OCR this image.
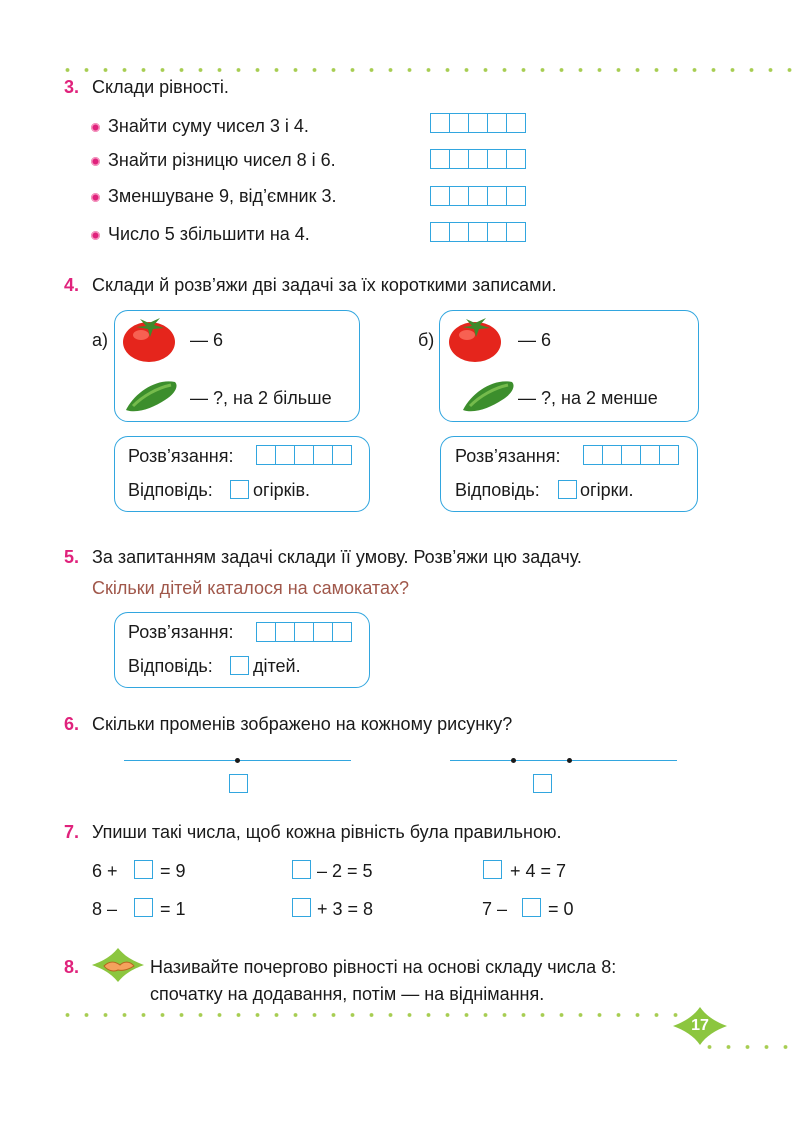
3. Склади рівності.
Знайти суму чисел 3 і 4.
Знайти різницю чисел 8 і 6.
Зменшуване 9, від’ємник 3.
Число 5 збільшити на 4.
4. Склади й розв’яжи дві задачі за їх короткими записами.
а)	— 6
— ?, на 2 більше
Розв’язання:
Відповідь: огірків.
б)	— 6
— ?, на 2 менше
Розв’язання:
Відповідь: огірки.
5. За запитанням задачі склади її умову. Розв’яжи цю задачу.
Скільки дітей каталося на самокатах?
Розв’язання:
Відповідь: дітей.
6. Скільки променів зображено на кожному рисунку?
7. Упиши такі числа, щоб кожна рівність була правильною.
6 + = 9	– 2 = 5	+ 4 = 7
8 – = 1	+ 3 = 8	7 – = 0
8.	Називайте почергово рівності на основі складу числа 8:
спочатку на додавання, потім — на віднімання.
17
